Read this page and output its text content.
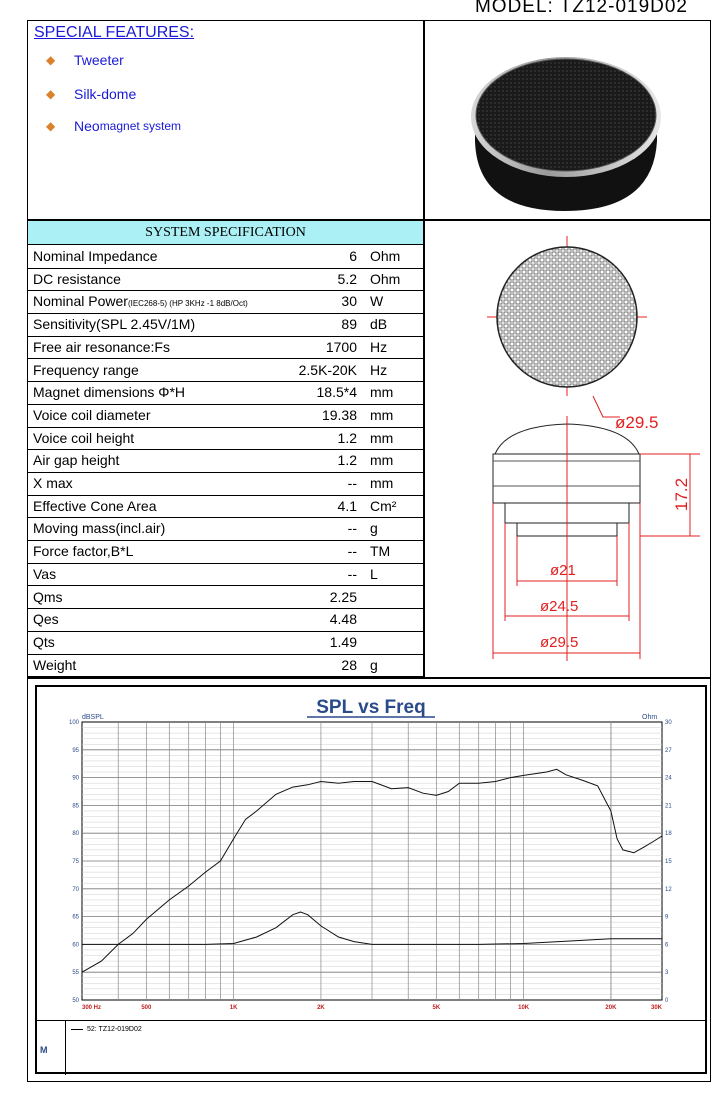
MODEL: TZ12-019D02
SPECIAL FEATURES:
◆ Tweeter
◆ Silk-dome
◆ Neo magnet system
SYSTEM SPECIFICATION
Nominal Impedance	6 Ohm
DC resistance	5.2 Ohm
Nominal Power(IEC268-5) (HP 3KHz -1 8dB/Oct)	30 W
Sensitivity(SPL 2.45V/1M)	89 dB
Free air resonance:Fs	1700 Hz
Frequency range	2.5K-20K Hz
Magnet dimensions Φ*H	18.5*4 mm
Voice coil diameter	19.38 mm
Voice coil height	1.2 mm
Air gap height	1.2 mm
X max	-- mm
Effective Cone Area	4.1 Cm²
Moving mass(incl.air)	-- g
Force factor,B*L	-- TM
Vas	-- L
Qms	2.25
Qes	4.48
Qts	1.49
Weight	28 g
ø29.5
17.2
ø21
ø24.5
ø29.5
SPL vs Freq
dBSPL	Ohm
300 Hz	500	1K	2K	5K	10K	20K	30K
100
95
90
85
80
75
70
65
60
55
50
30
27
24
21
18
15
12
9
6
3
0
M
52: TZ12-019D02
